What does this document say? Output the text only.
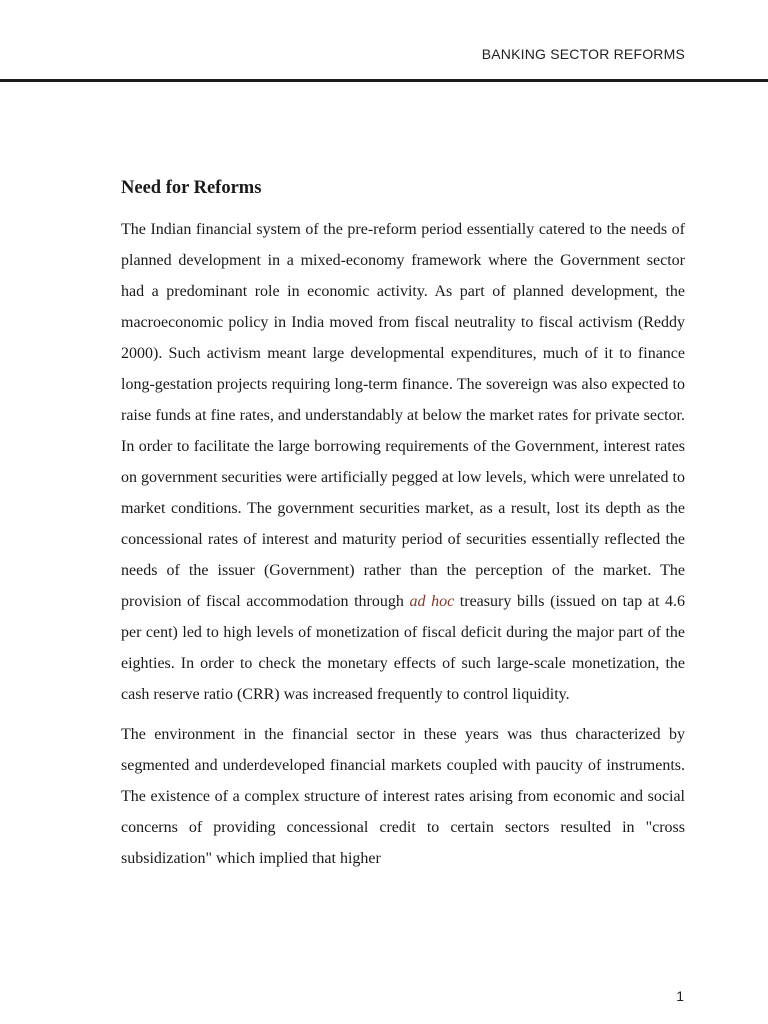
BANKING SECTOR REFORMS
Need for Reforms

The Indian financial system of the pre-reform period essentially catered to the needs of planned development in a mixed-economy framework where the Government sector had a predominant role in economic activity. As part of planned development, the macroeconomic policy in India moved from fiscal neutrality to fiscal activism (Reddy 2000). Such activism meant large developmental expenditures, much of it to finance long-gestation projects requiring long-term finance. The sovereign was also expected to raise funds at fine rates, and understandably at below the market rates for private sector. In order to facilitate the large borrowing requirements of the Government, interest rates on government securities were artificially pegged at low levels, which were unrelated to market conditions. The government securities market, as a result, lost its depth as the concessional rates of interest and maturity period of securities essentially reflected the needs of the issuer (Government) rather than the perception of the market. The provision of fiscal accommodation through ad hoc treasury bills (issued on tap at 4.6 per cent) led to high levels of monetization of fiscal deficit during the major part of the eighties. In order to check the monetary effects of such large-scale monetization, the cash reserve ratio (CRR) was increased frequently to control liquidity.

The environment in the financial sector in these years was thus characterized by segmented and underdeveloped financial markets coupled with paucity of instruments. The existence of a complex structure of interest rates arising from economic and social concerns of providing concessional credit to certain sectors resulted in "cross subsidization" which implied that higher

1
